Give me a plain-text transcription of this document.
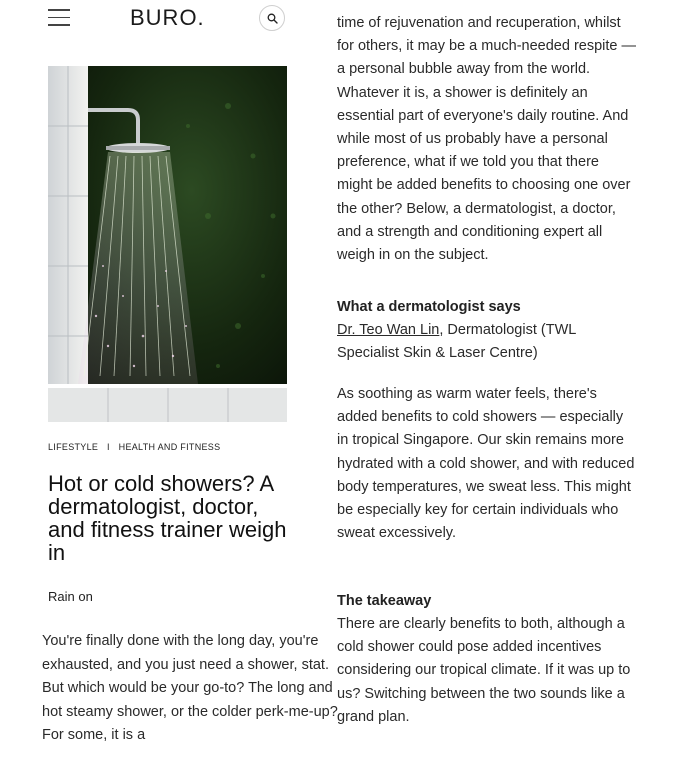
BURO.
LIFESTYLE I HEALTH AND FITNESS
Hot or cold showers? A dermatologist, doctor, and fitness trainer weigh in
Rain on

You're finally done with the long day, you're exhausted, and you just need a shower, stat. But which would be your go-to? The long and hot steamy shower, or the colder perk-me-up? For some, it is a

time of rejuvenation and recuperation, whilst for others, it may be a much-needed respite — a personal bubble away from the world. Whatever it is, a shower is definitely an essential part of everyone's daily routine. And while most of us probably have a personal preference, what if we told you that there might be added benefits to choosing one over the other? Below, a dermatologist, a doctor, and a strength and conditioning expert all weigh in on the subject.

What a dermatologist says

Dr. Teo Wan Lin, Dermatologist (TWL Specialist Skin & Laser Centre)

As soothing as warm water feels, there's added benefits to cold showers — especially in tropical Singapore. Our skin remains more hydrated with a cold shower, and with reduced body temperatures, we sweat less. This might be especially key for certain individuals who sweat excessively.

The takeaway

There are clearly benefits to both, although a cold shower could pose added incentives considering our tropical climate. If it was up to us? Switching between the two sounds like a grand plan.
